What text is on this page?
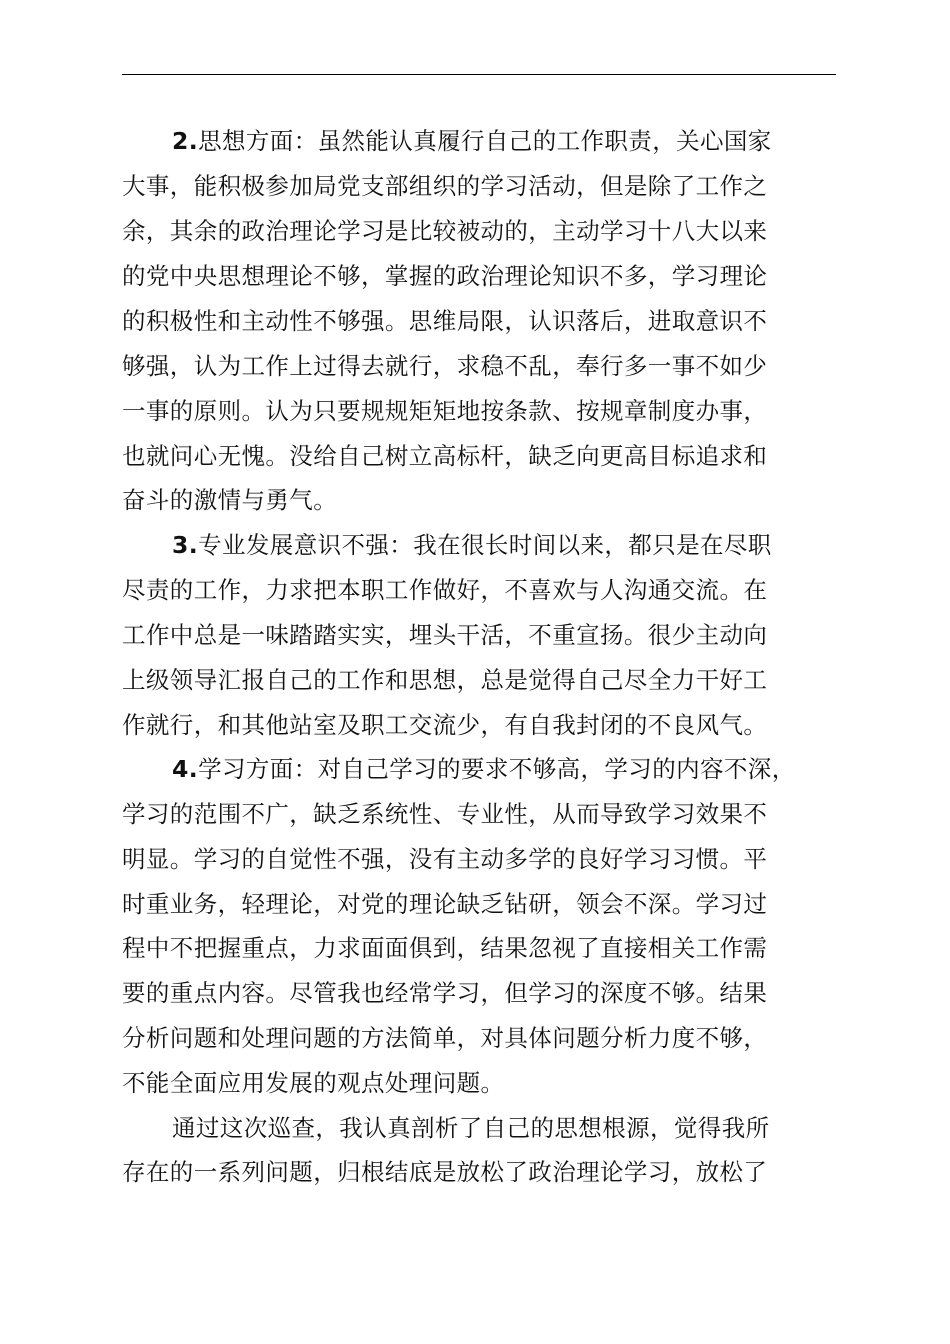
2.思想方面：虽然能认真履行自己的工作职责，关心国家
大事，能积极参加局党支部组织的学习活动，但是除了工作之
余，其余的政治理论学习是比较被动的，主动学习十八大以来
的党中央思想理论不够，掌握的政治理论知识不多，学习理论
的积极性和主动性不够强。思维局限，认识落后，进取意识不
够强，认为工作上过得去就行，求稳不乱，奉行多一事不如少
一事的原则。认为只要规规矩矩地按条款、按规章制度办事，
也就问心无愧。没给自己树立高标杆，缺乏向更高目标追求和
奋斗的激情与勇气。
3.专业发展意识不强：我在很长时间以来，都只是在尽职
尽责的工作，力求把本职工作做好，不喜欢与人沟通交流。在
工作中总是一味踏踏实实，埋头干活，不重宣扬。很少主动向
上级领导汇报自己的工作和思想，总是觉得自己尽全力干好工
作就行，和其他站室及职工交流少，有自我封闭的不良风气。
4.学习方面：对自己学习的要求不够高，学习的内容不深，
学习的范围不广，缺乏系统性、专业性，从而导致学习效果不
明显。学习的自觉性不强，没有主动多学的良好学习习惯。平
时重业务，轻理论，对党的理论缺乏钻研，领会不深。学习过
程中不把握重点，力求面面俱到，结果忽视了直接相关工作需
要的重点内容。尽管我也经常学习，但学习的深度不够。结果
分析问题和处理问题的方法简单，对具体问题分析力度不够，
不能全面应用发展的观点处理问题。
通过这次巡查，我认真剖析了自己的思想根源，觉得我所
存在的一系列问题，归根结底是放松了政治理论学习，放松了
